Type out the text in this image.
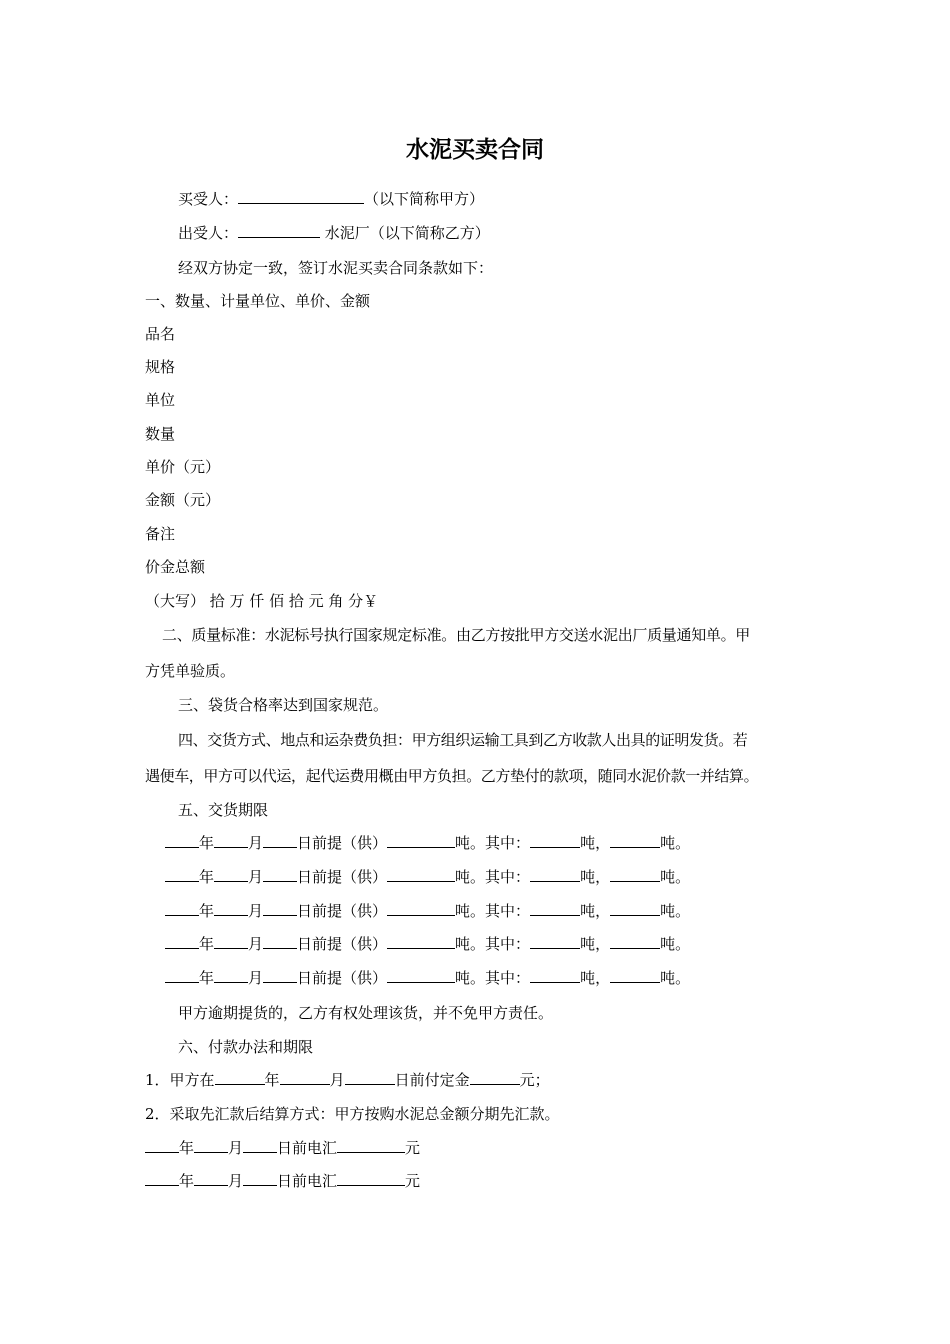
水泥买卖合同
买受人：	（以下简称甲方）
出受人：	水泥厂（以下简称乙方）
经双方协定一致，签订水泥买卖合同条款如下：
一、数量、计量单位、单价、金额
品名
规格
单位
数量
单价（元）
金额（元）
备注
价金总额
（大写） 拾 万 仟 佰 拾 元 角 分￥
二、质量标准：水泥标号执行国家规定标准。由乙方按批甲方交送水泥出厂质量通知单。甲
方凭单验质。
三、袋货合格率达到国家规范。
四、交货方式、地点和运杂费负担：甲方组织运输工具到乙方收款人出具的证明发货。若
遇便车，甲方可以代运，起代运费用概由甲方负担。乙方垫付的款项，随同水泥价款一并结算。
五、交货期限
年 月 日前提（供）	吨。其中：	吨，	吨。
年 月 日前提（供）	吨。其中：	吨，	吨。
年 月 日前提（供）	吨。其中：	吨，	吨。
年 月 日前提（供）	吨。其中：	吨，	吨。
年 月 日前提（供）	吨。其中：	吨，	吨。
甲方逾期提货的，乙方有权处理该货，并不免甲方责任。
六、付款办法和期限
1．甲方在	年	月	日前付定金	元；
2．采取先汇款后结算方式：甲方按购水泥总金额分期先汇款。
年 月 日前电汇	元
年 月 日前电汇	元
